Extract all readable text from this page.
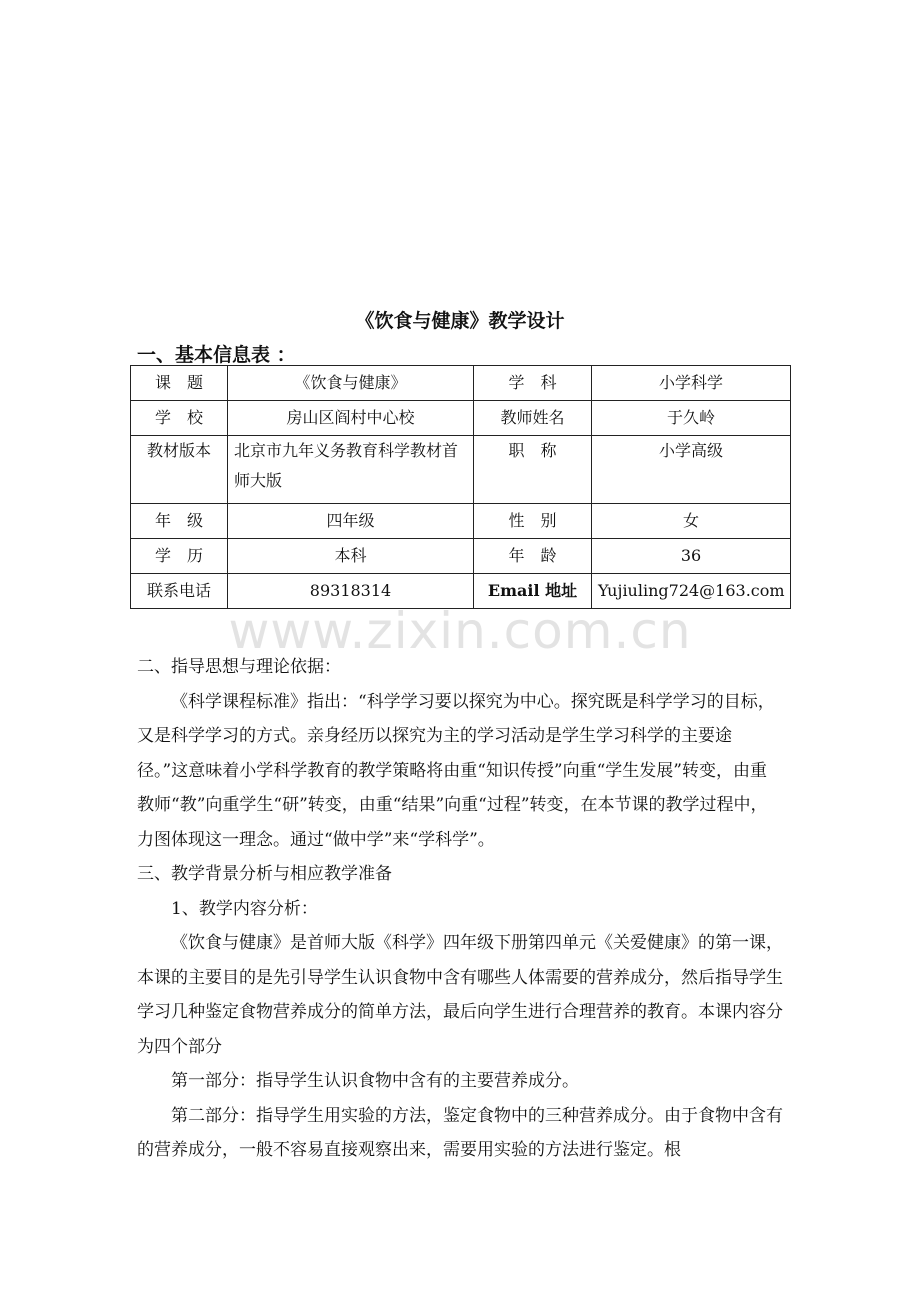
《饮食与健康》教学设计
一、基本信息表 ：
课　题	《饮食与健康》	学　科	小学科学
学　校	房山区阎村中心校	教师姓名	于久岭
教材版本	北京市九年义务教育科学教材首师大版	职　称	小学高级
年　级	四年级	性　别	女
学　历	本科	年　龄	36
联系电话	89318314	Email 地址	Yujiuling724@163.com
www.zixin.com.cn

二、指导思想与理论依据：

《科学课程标准》指出：“科学学习要以探究为中心。探究既是科学学习的目标，又是科学学习的方式。亲身经历以探究为主的学习活动是学生学习科学的主要途径。”这意味着小学科学教育的教学策略将由重“知识传授”向重“学生发展”转变，由重教师“教”向重学生“研”转变，由重“结果”向重“过程”转变，在本节课的教学过程中，力图体现这一理念。通过“做中学”来“学科学”。

三、教学背景分析与相应教学准备

1、教学内容分析：

《饮食与健康》是首师大版《科学》四年级下册第四单元《关爱健康》的第一课，本课的主要目的是先引导学生认识食物中含有哪些人体需要的营养成分，然后指导学生学习几种鉴定食物营养成分的简单方法，最后向学生进行合理营养的教育。本课内容分为四个部分

第一部分：指导学生认识食物中含有的主要营养成分。

第二部分：指导学生用实验的方法，鉴定食物中的三种营养成分。由于食物中含有的营养成分，一般不容易直接观察出来，需要用实验的方法进行鉴定。根
